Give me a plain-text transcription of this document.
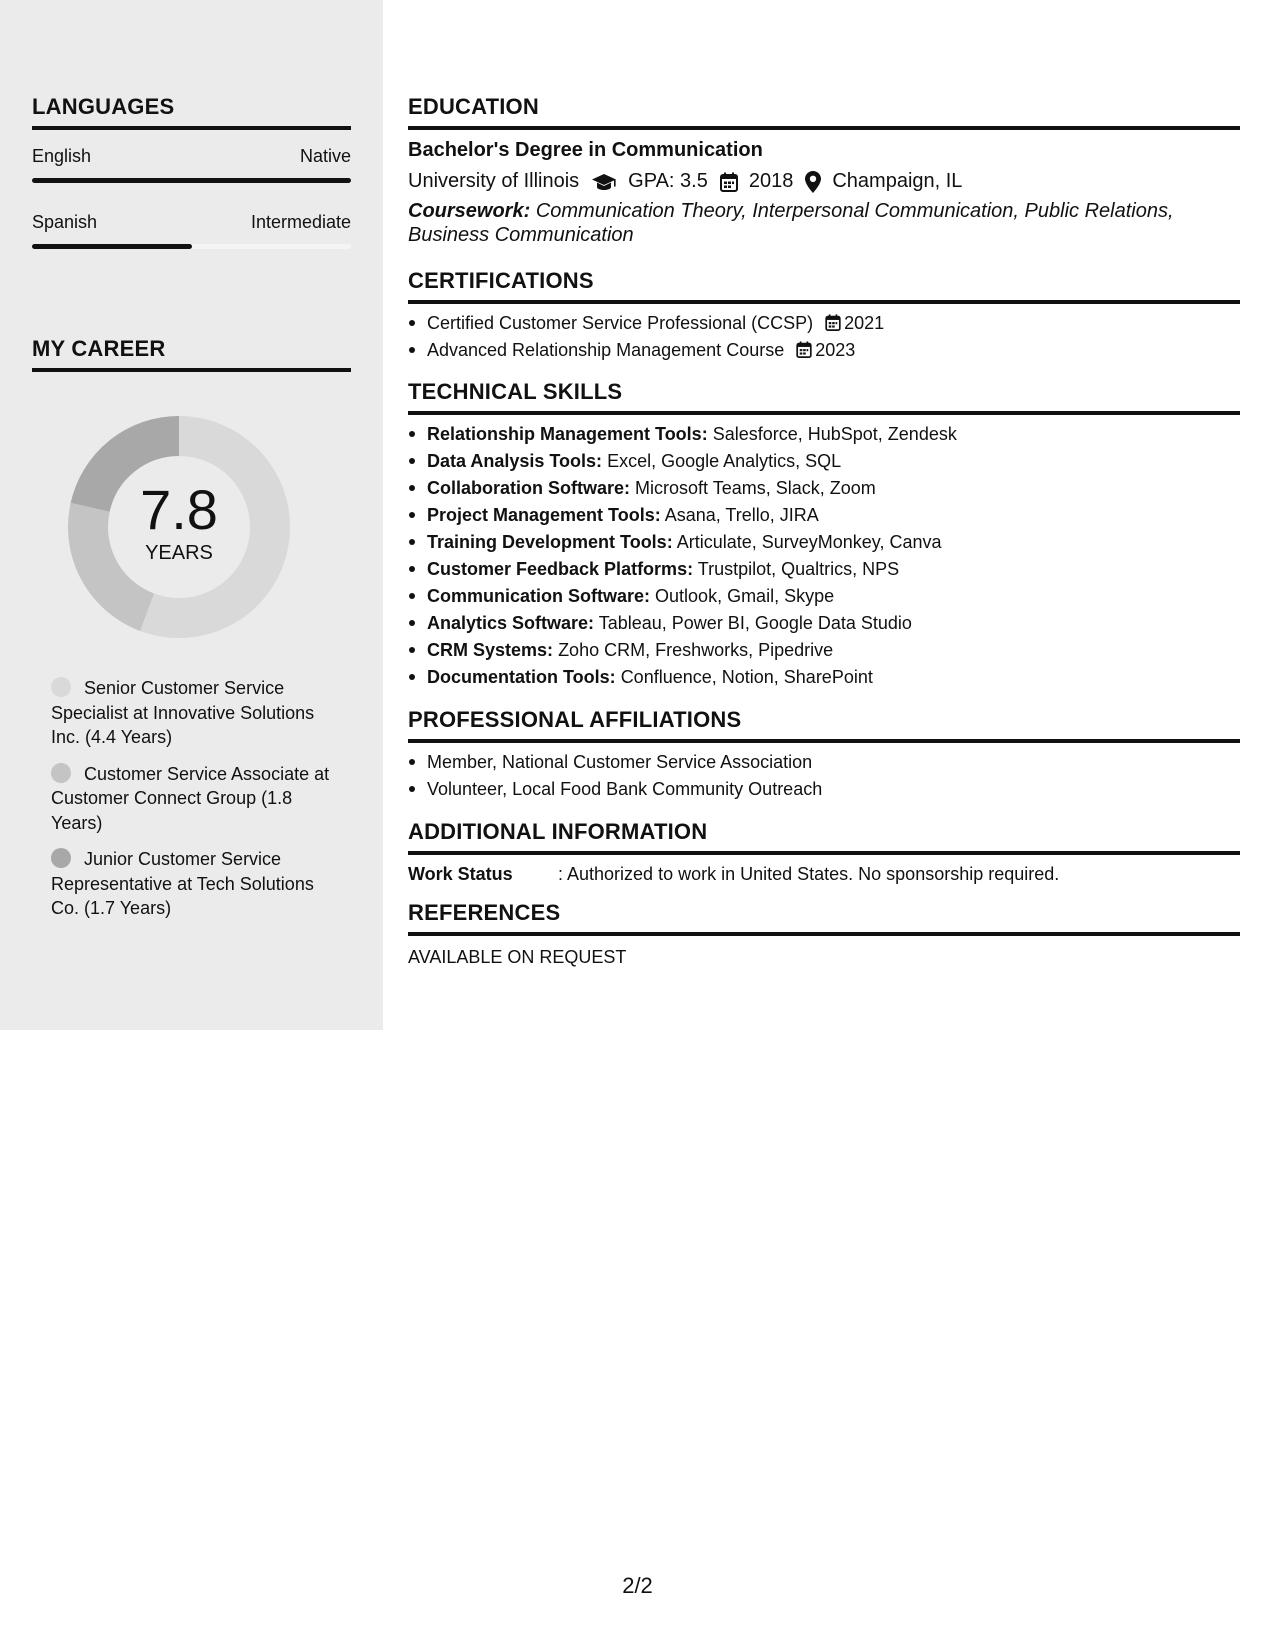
LANGUAGES
English	Native
Spanish	Intermediate
MY CAREER
7.8
YEARS
Senior Customer Service Specialist at Innovative Solutions Inc. (4.4 Years)
Customer Service Associate at Customer Connect Group (1.8 Years)
Junior Customer Service Representative at Tech Solutions Co. (1.7 Years)
EDUCATION
Bachelor's Degree in Communication
University of Illinois GPA: 3.5 2018 Champaign, IL
Coursework: Communication Theory, Interpersonal Communication, Public Relations, Business Communication
CERTIFICATIONS
Certified Customer Service Professional (CCSP) 2021
Advanced Relationship Management Course 2023
TECHNICAL SKILLS
Relationship Management Tools: Salesforce, HubSpot, Zendesk
Data Analysis Tools: Excel, Google Analytics, SQL
Collaboration Software: Microsoft Teams, Slack, Zoom
Project Management Tools: Asana, Trello, JIRA
Training Development Tools: Articulate, SurveyMonkey, Canva
Customer Feedback Platforms: Trustpilot, Qualtrics, NPS
Communication Software: Outlook, Gmail, Skype
Analytics Software: Tableau, Power BI, Google Data Studio
CRM Systems: Zoho CRM, Freshworks, Pipedrive
Documentation Tools: Confluence, Notion, SharePoint
PROFESSIONAL AFFILIATIONS
Member, National Customer Service Association
Volunteer, Local Food Bank Community Outreach
ADDITIONAL INFORMATION
Work Status	: Authorized to work in United States. No sponsorship required.
REFERENCES
AVAILABLE ON REQUEST
2/2
